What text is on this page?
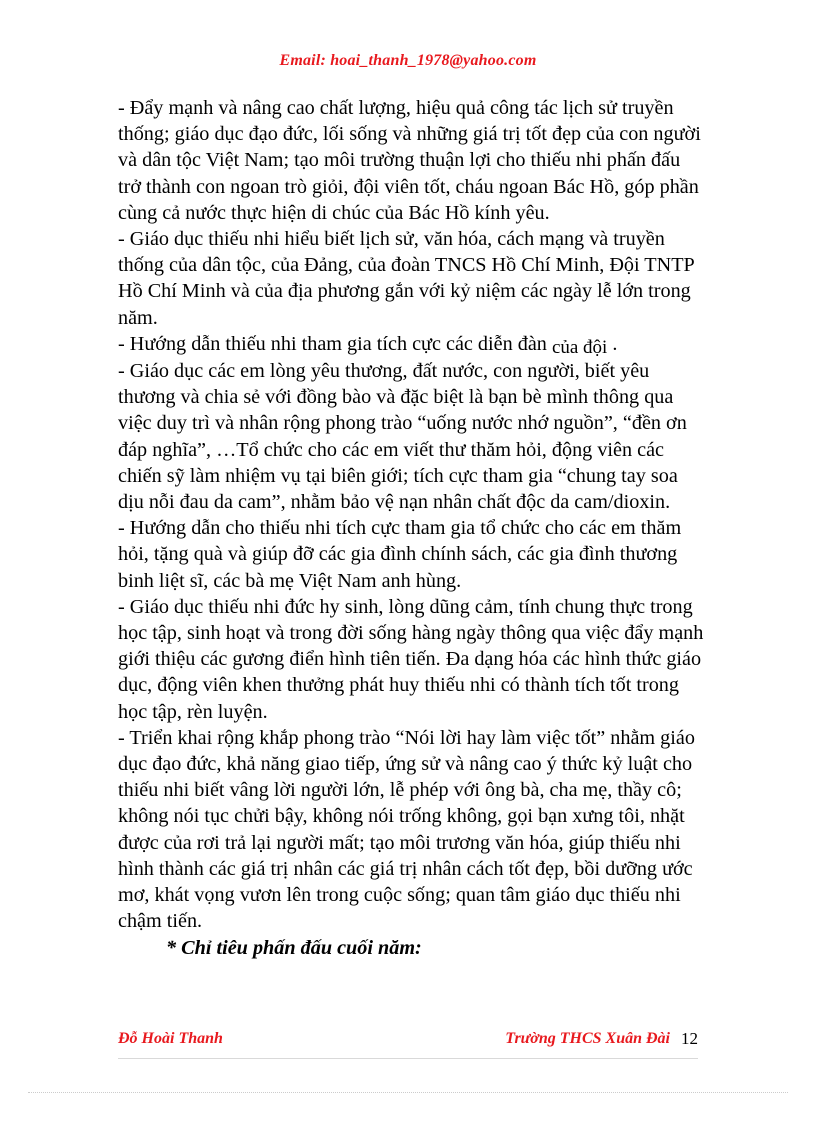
Email: hoai_thanh_1978@yahoo.com

- Đẩy mạnh và nâng cao chất lượng, hiệu quả công tác lịch sử truyền thống; giáo dục đạo đức, lối sống và những giá trị tốt đẹp của con người và dân tộc Việt Nam; tạo môi trường thuận lợi cho thiếu nhi phấn đấu trở thành con ngoan trò giỏi, đội viên tốt, cháu ngoan Bác Hồ, góp phần cùng cả nước thực hiện di chúc của Bác Hồ kính yêu.

- Giáo dục thiếu nhi hiểu biết lịch sử, văn hóa, cách mạng và truyền thống của dân tộc, của Đảng, của đoàn TNCS Hồ Chí Minh, Đội TNTP Hồ Chí Minh và của địa phương gắn với kỷ niệm các ngày lễ lớn trong năm.

- Hướng dẫn thiếu nhi tham gia tích cực các diễn đàn của đội .

- Giáo dục các em lòng yêu thương, đất nước, con người, biết yêu thương và chia sẻ với đồng bào và đặc biệt là bạn bè mình thông qua việc duy trì và nhân rộng phong trào “uống nước nhớ nguồn”, “đền ơn đáp nghĩa”, …Tổ chức cho các em viết thư thăm hỏi, động viên các chiến sỹ làm nhiệm vụ tại biên giới; tích cực tham gia “chung tay soa dịu nỗi đau da cam”, nhằm bảo vệ nạn nhân chất độc da cam/dioxin.

- Hướng dẫn cho thiếu nhi tích cực tham gia tổ chức cho các em thăm hỏi, tặng quà và giúp đỡ các gia đình chính sách, các gia đình thương binh liệt sĩ, các bà mẹ Việt Nam anh hùng.

- Giáo dục thiếu nhi đức hy sinh, lòng dũng cảm, tính chung thực trong học tập, sinh hoạt và trong đời sống hàng ngày thông qua việc đẩy mạnh giới thiệu các gương điển hình tiên tiến. Đa dạng hóa các hình thức giáo dục, động viên khen thưởng phát huy thiếu nhi có thành tích tốt trong học tập, rèn luyện.

- Triển khai rộng khắp phong trào “Nói lời hay làm việc tốt” nhằm giáo dục đạo đức, khả năng giao tiếp, ứng sử và nâng cao ý thức kỷ luật cho thiếu nhi biết vâng lời người lớn, lễ phép với ông bà, cha mẹ, thầy cô; không nói tục chửi bậy, không nói trống không, gọi bạn xưng tôi, nhặt được của rơi trả lại người mất; tạo môi trương văn hóa, giúp thiếu nhi hình thành các giá trị nhân các giá trị nhân cách tốt đẹp, bồi dưỡng ước mơ, khát vọng vươn lên trong cuộc sống; quan tâm giáo dục thiếu nhi chậm tiến.

* Chỉ tiêu phấn đấu cuối năm:

Đỗ Hoài Thanh	Trường THCS Xuân Đài 12
